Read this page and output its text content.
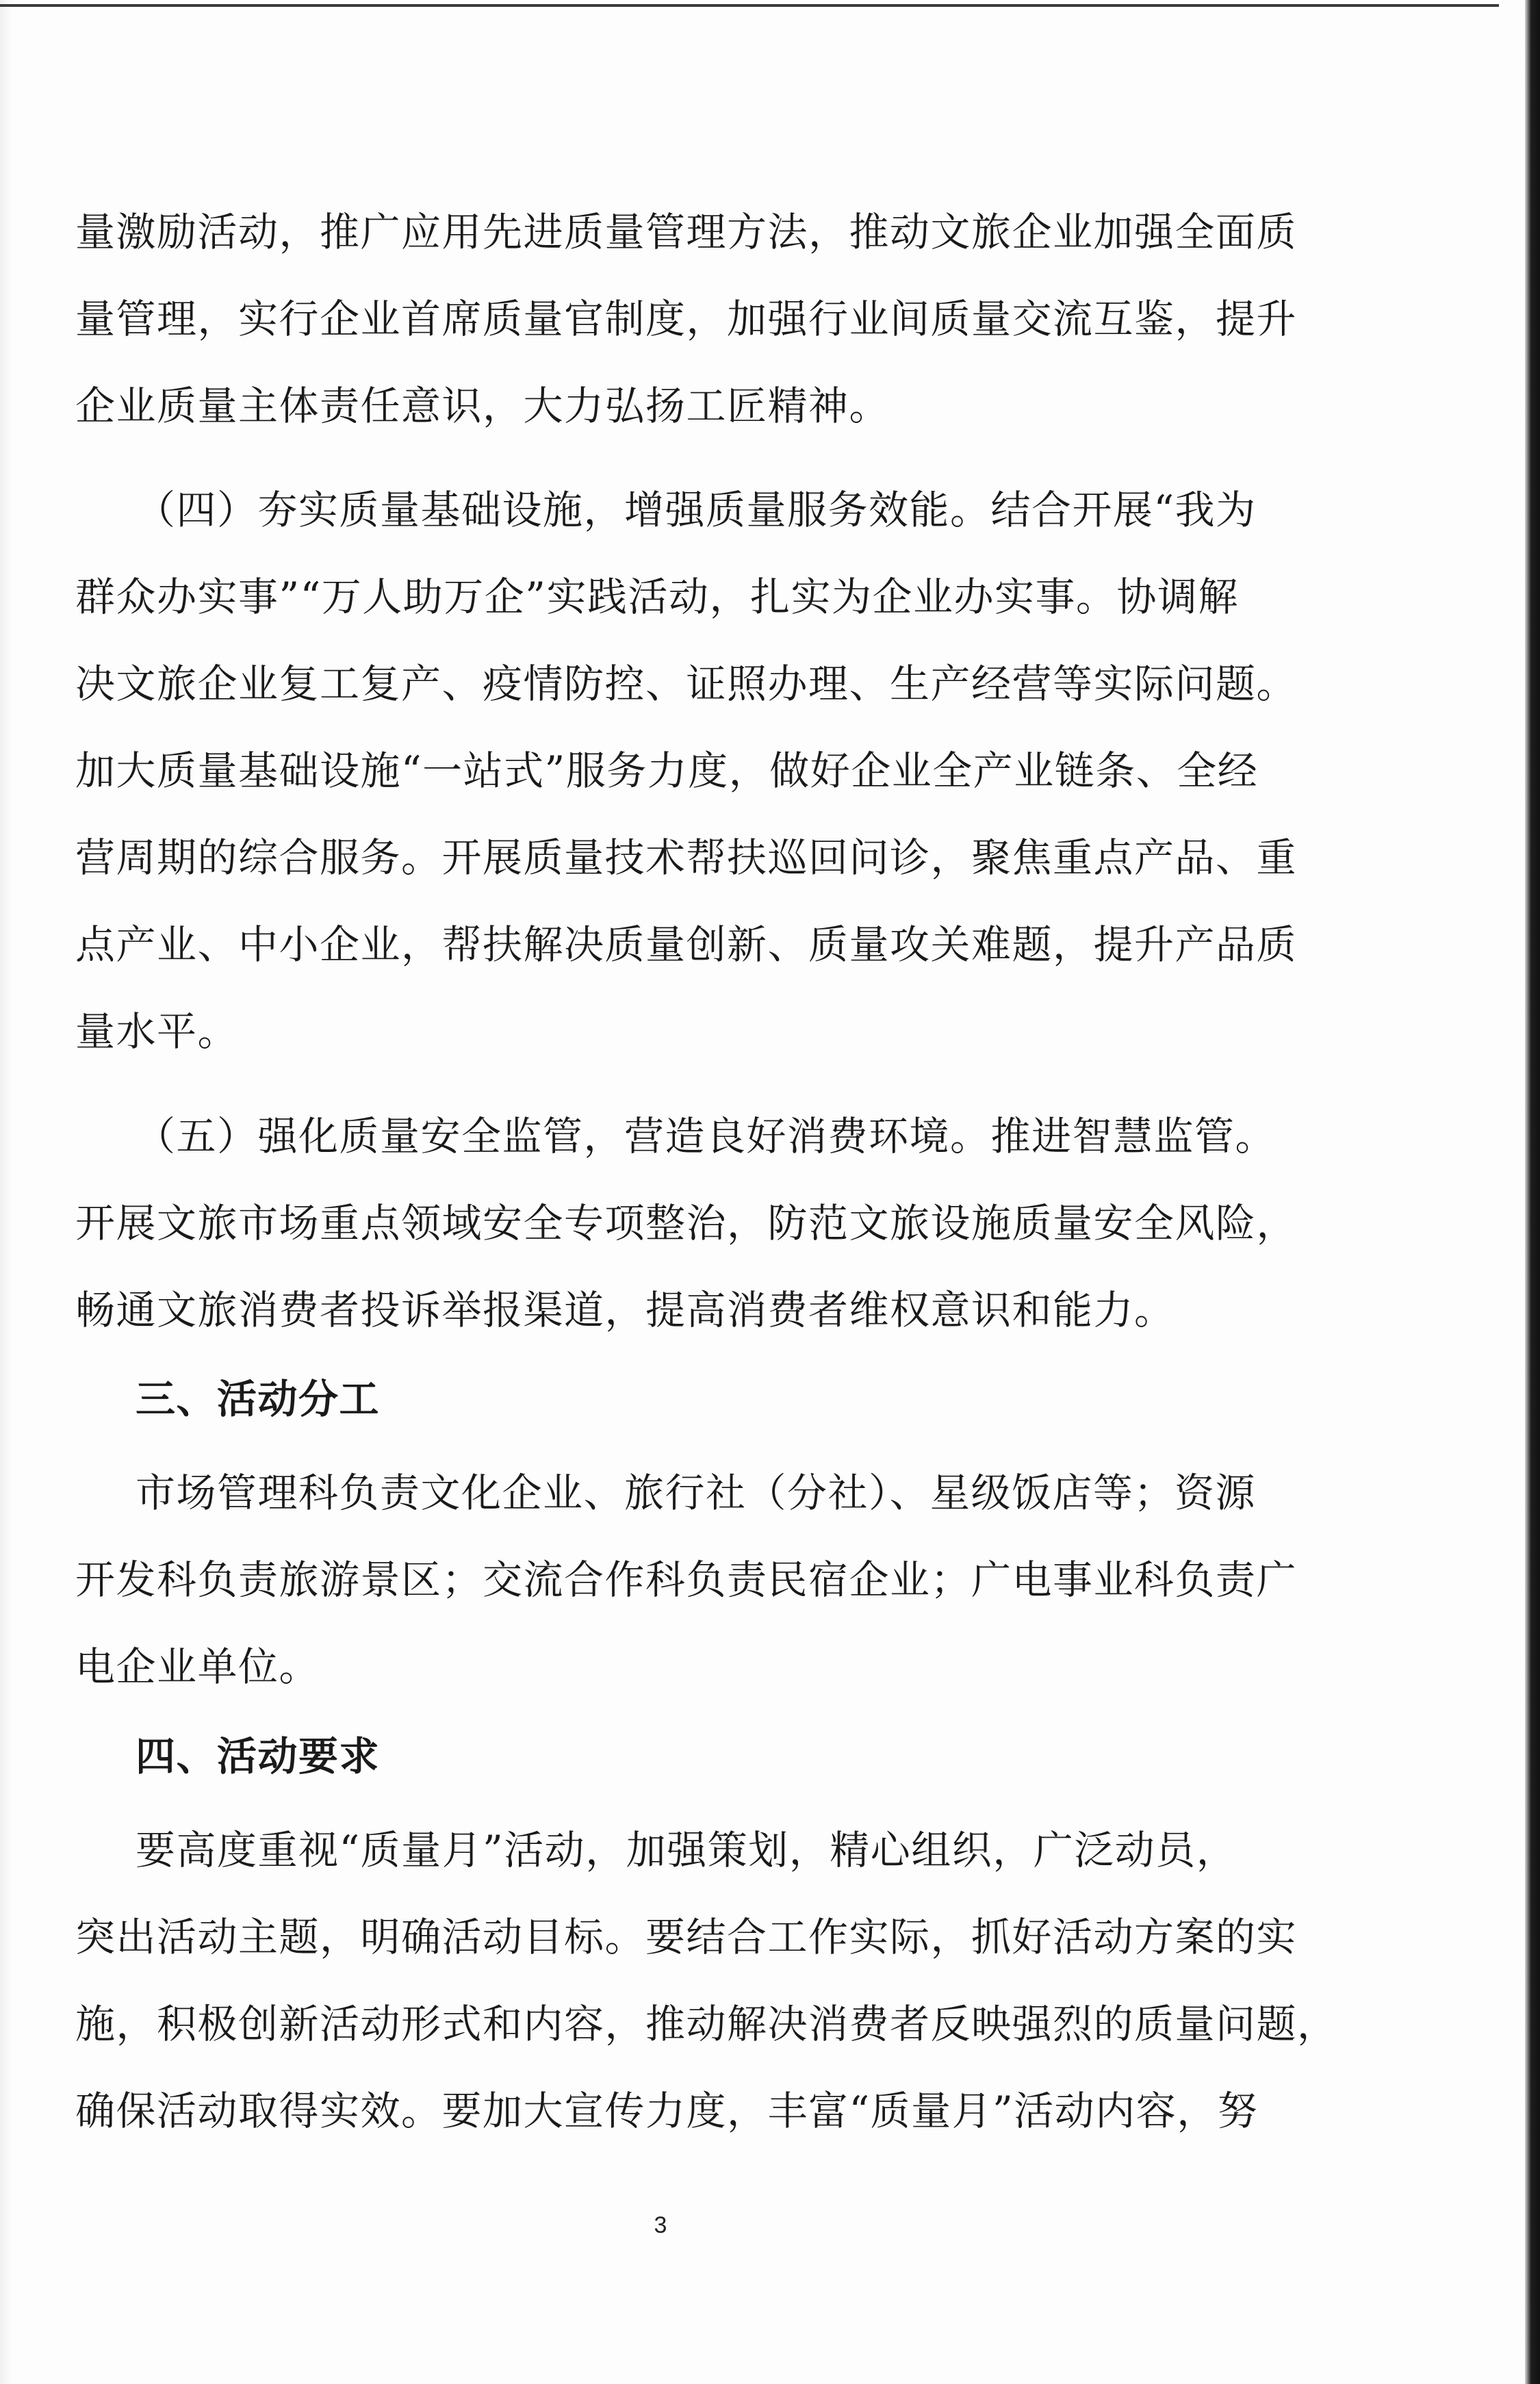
量激励活动，推广应用先进质量管理方法，推动文旅企业加强全面质
量管理，实行企业首席质量官制度，加强行业间质量交流互鉴，提升
企业质量主体责任意识，大力弘扬工匠精神。
（四）夯实质量基础设施，增强质量服务效能。结合开展“我为
群众办实事”“万人助万企”实践活动，扎实为企业办实事。协调解
决文旅企业复工复产、疫情防控、证照办理、生产经营等实际问题。
加大质量基础设施“一站式”服务力度，做好企业全产业链条、全经
营周期的综合服务。开展质量技术帮扶巡回问诊，聚焦重点产品、重
点产业、中小企业，帮扶解决质量创新、质量攻关难题，提升产品质
量水平。
（五）强化质量安全监管，营造良好消费环境。推进智慧监管。
开展文旅市场重点领域安全专项整治，防范文旅设施质量安全风险，
畅通文旅消费者投诉举报渠道，提高消费者维权意识和能力。
三、活动分工
市场管理科负责文化企业、旅行社（分社）、星级饭店等；资源
开发科负责旅游景区；交流合作科负责民宿企业；广电事业科负责广
电企业单位。
四、活动要求
要高度重视“质量月”活动，加强策划，精心组织，广泛动员，
突出活动主题，明确活动目标。要结合工作实际，抓好活动方案的实
施，积极创新活动形式和内容，推动解决消费者反映强烈的质量问题，
确保活动取得实效。要加大宣传力度，丰富“质量月”活动内容，努
3
